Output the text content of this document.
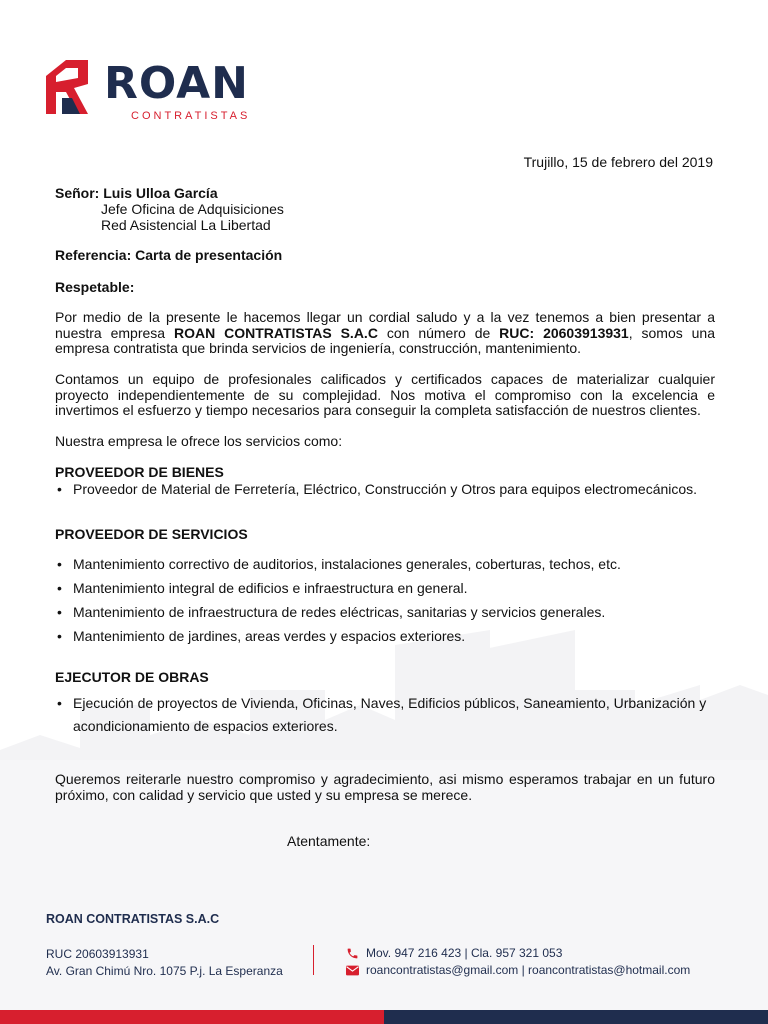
ROAN
CONTRATISTAS
Trujillo, 15 de febrero del 2019
Señor: Luis Ulloa García
Jefe Oficina de Adquisiciones
Red Asistencial La Libertad
Referencia: Carta de presentación
Respetable:
Por medio de la presente le hacemos llegar un cordial saludo y a la vez tenemos a bien presentar a nuestra empresa ROAN CONTRATISTAS S.A.C con número de RUC: 20603913931, somos una empresa contratista que brinda servicios de ingeniería, construcción, mantenimiento.
Contamos un equipo de profesionales calificados y certificados capaces de materializar cualquier proyecto independientemente de su complejidad. Nos motiva el compromiso con la excelencia e invertimos el esfuerzo y tiempo necesarios para conseguir la completa satisfacción de nuestros clientes.
Nuestra empresa le ofrece los servicios como:
PROVEEDOR DE BIENES
• Proveedor de Material de Ferretería, Eléctrico, Construcción y Otros para equipos electromecánicos.
PROVEEDOR DE SERVICIOS
• Mantenimiento correctivo de auditorios, instalaciones generales, coberturas, techos, etc.
• Mantenimiento integral de edificios e infraestructura en general.
• Mantenimiento de infraestructura de redes eléctricas, sanitarias y servicios generales.
• Mantenimiento de jardines, areas verdes y espacios exteriores.
EJECUTOR DE OBRAS
• Ejecución de proyectos de Vivienda, Oficinas, Naves, Edificios públicos, Saneamiento, Urbanización y acondicionamiento de espacios exteriores.
Queremos reiterarle nuestro compromiso y agradecimiento, asi mismo esperamos trabajar en un futuro próximo, con calidad y servicio que usted y su empresa se merece.
Atentamente:
ROAN CONTRATISTAS S.A.C
RUC 20603913931
Av. Gran Chimú Nro. 1075 P.j. La Esperanza
Mov. 947 216 423 | Cla. 957 321 053
roancontratistas@gmail.com | roancontratistas@hotmail.com
